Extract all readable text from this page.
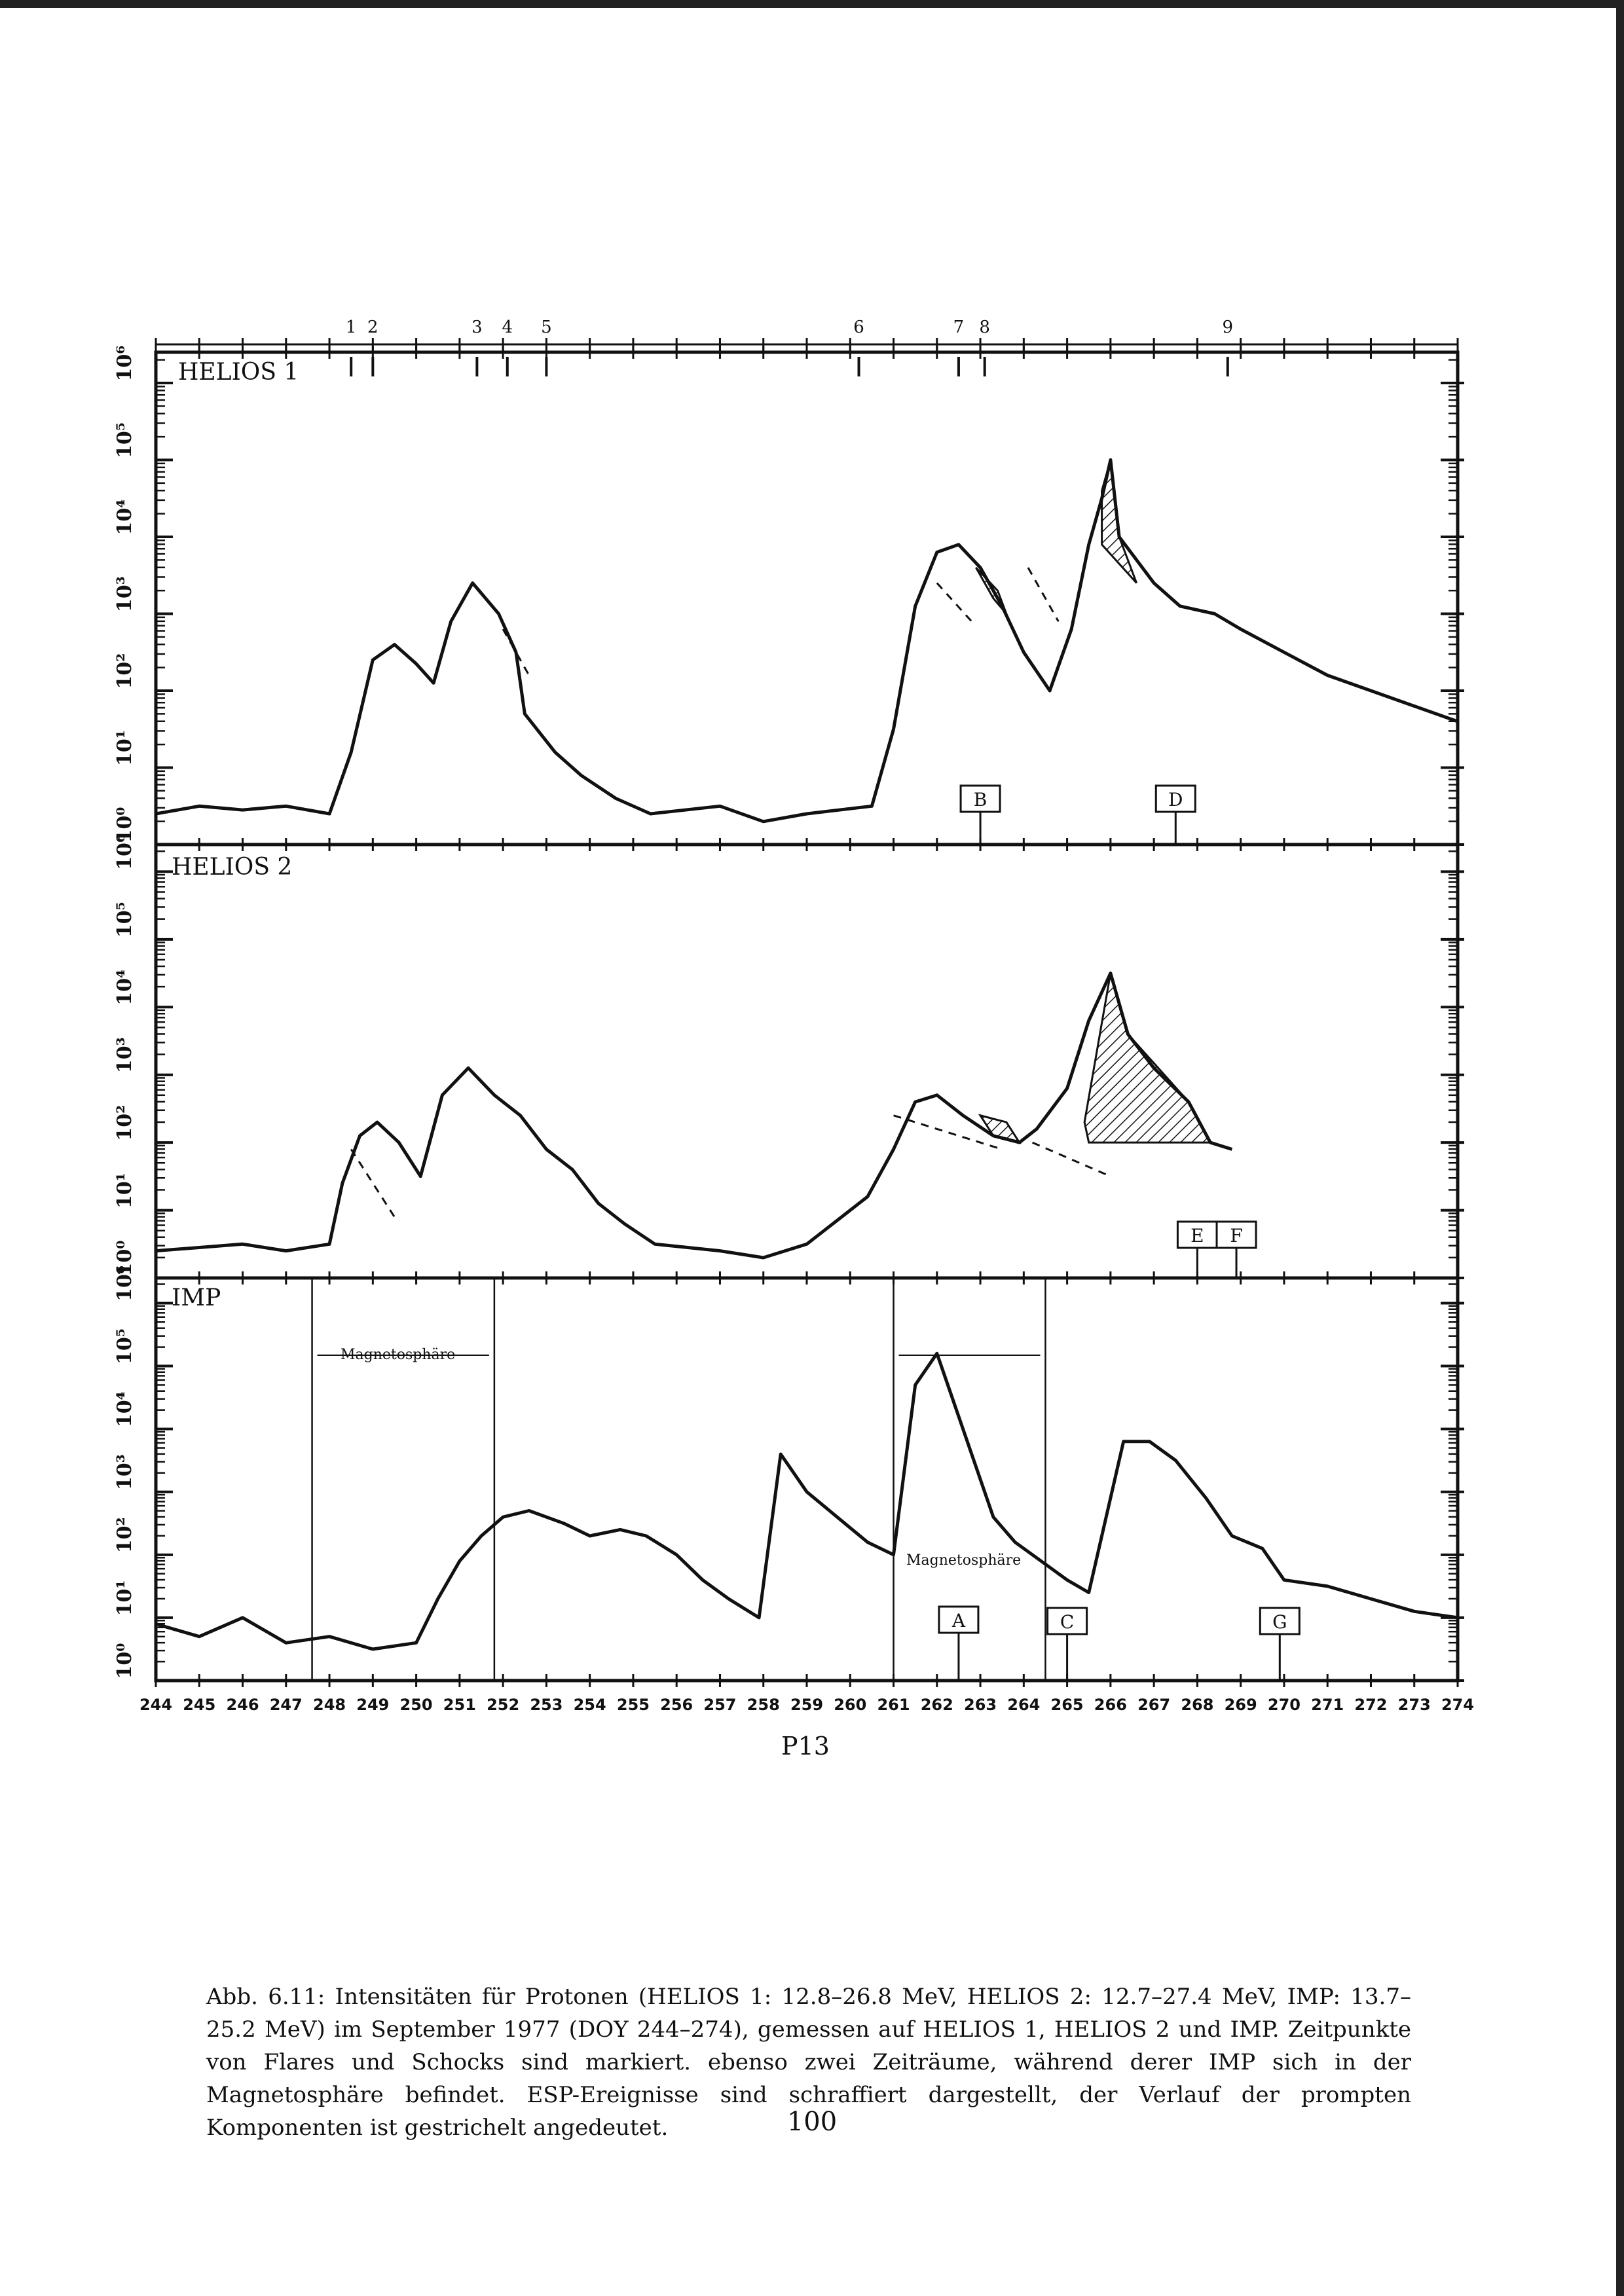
1 2	3 4 5	6	7 8	9
B	D
E F
A	C	G
244 245 246 247 248 249 250 251 252 253 254 255 256 257 258 259 260 261 262 263 264 265 266 267 268 269 270 271 272 273 274
10⁰
10¹
10²
10³
10⁴
10⁵
10⁶
10⁰
10¹
10²
10³
10⁴
10⁵
10⁶
10⁰
10¹
10²
10³
10⁴
10⁵
10⁶
HELIOS 1
HELIOS 2
IMP
Magnetosphäre
Magnetosphäre
P13

Abb. 6.11: Intensitäten für Protonen (HELIOS 1: 12.8–26.8 MeV, HELIOS 2: 12.7–27.4 MeV, IMP: 13.7–25.2 MeV) im September 1977 (DOY 244–274), gemessen auf HELIOS 1, HELIOS 2 und IMP. Zeitpunkte von Flares und Schocks sind markiert. ebenso zwei Zeiträume, während derer IMP sich in der Magnetosphäre befindet. ESP-Ereignisse sind schraffiert dargestellt, der Verlauf der prompten Komponenten ist gestrichelt angedeutet.	100
